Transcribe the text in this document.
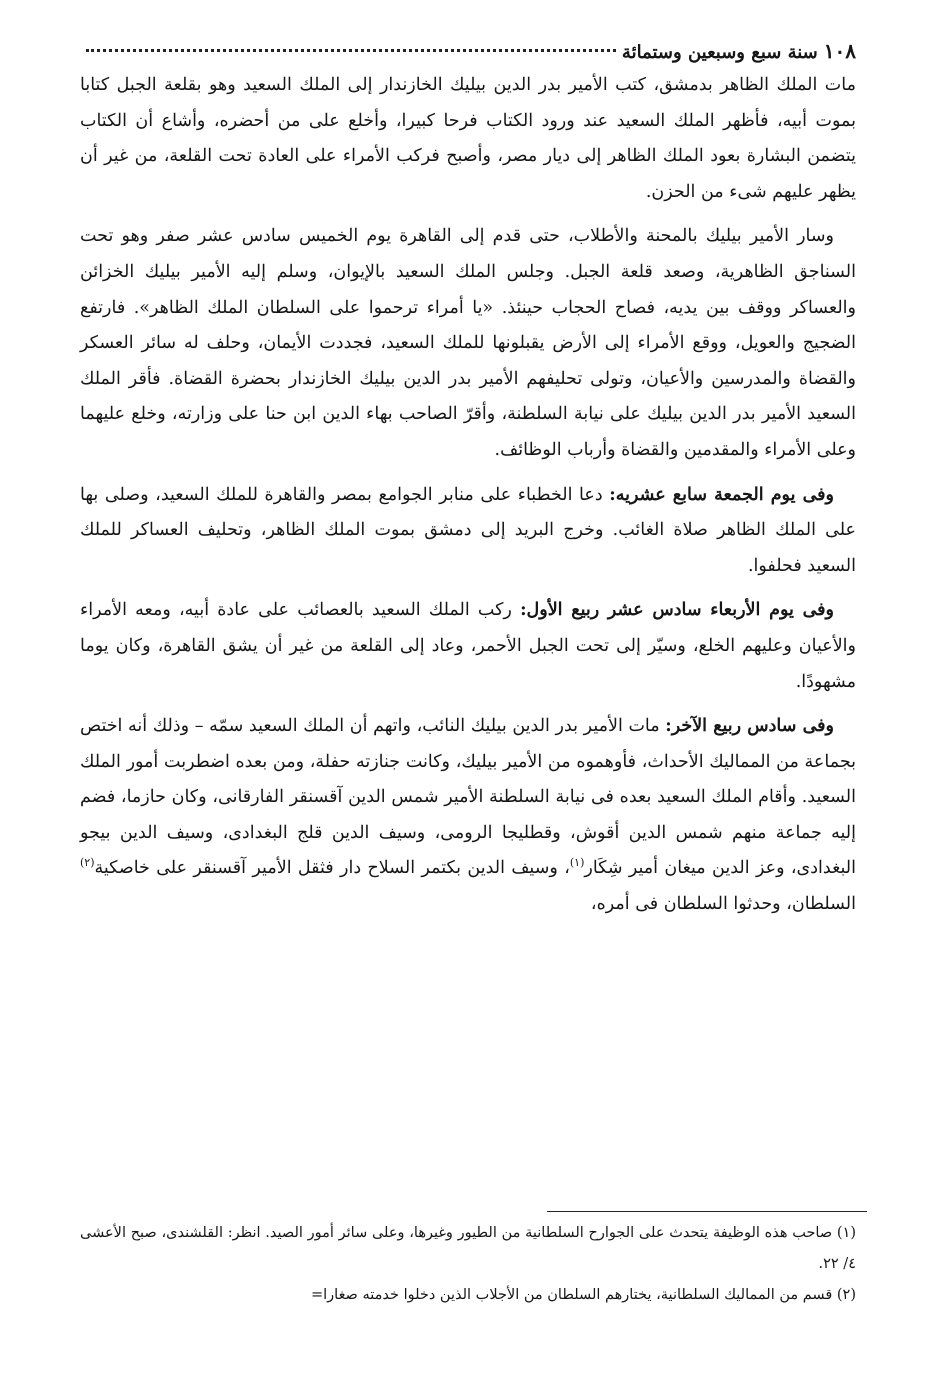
١٠٨
سنة سبع وسبعين وستمائة

مات الملك الظاهر بدمشق، كتب الأمير بدر الدين بيليك الخازندار إلى الملك السعيد وهو بقلعة الجبل كتابا بموت أبيه، فأظهر الملك السعيد عند ورود الكتاب فرحا كبيرا، وأخلع على من أحضره، وأشاع أن الكتاب يتضمن البشارة بعود الملك الظاهر إلى ديار مصر، وأصبح فركب الأمراء على العادة تحت القلعة، من غير أن يظهر عليهم شىء من الحزن.

وسار الأمير بيليك بالمحنة والأطلاب، حتى قدم إلى القاهرة يوم الخميس سادس عشر صفر وهو تحت السناجق الظاهرية، وصعد قلعة الجبل. وجلس الملك السعيد بالإيوان، وسلم إليه الأمير بيليك الخزائن والعساكر ووقف بين يديه، فصاح الحجاب حينئذ. «يا أمراء ترحموا على السلطان الملك الظاهر». فارتفع الضجيج والعويل، ووقع الأمراء إلى الأرض يقبلونها للملك السعيد، فجددت الأيمان، وحلف له سائر العسكر والقضاة والمدرسين والأعيان، وتولى تحليفهم الأمير بدر الدين بيليك الخازندار بحضرة القضاة. فأقر الملك السعيد الأمير بدر الدين بيليك على نيابة السلطنة، وأقرّ الصاحب بهاء الدين ابن حنا على وزارته، وخلع عليهما وعلى الأمراء والمقدمين والقضاة وأرباب الوظائف.

وفى يوم الجمعة سابع عشريه: دعا الخطباء على منابر الجوامع بمصر والقاهرة للملك السعيد، وصلى بها على الملك الظاهر صلاة الغائب. وخرج البريد إلى دمشق بموت الملك الظاهر، وتحليف العساكر للملك السعيد فحلفوا.

وفى يوم الأربعاء سادس عشر ربيع الأول: ركب الملك السعيد بالعصائب على عادة أبيه، ومعه الأمراء والأعيان وعليهم الخلع، وسيّر إلى تحت الجبل الأحمر، وعاد إلى القلعة من غير أن يشق القاهرة، وكان يوما مشهودًا.

وفى سادس ربيع الآخر: مات الأمير بدر الدين بيليك النائب، واتهم أن الملك السعيد سمّه – وذلك أنه اختص بجماعة من المماليك الأحداث، فأوهموه من الأمير بيليك، وكانت جنازته حفلة، ومن بعده اضطربت أمور الملك السعيد. وأقام الملك السعيد بعده فى نيابة السلطنة الأمير شمس الدين آقسنقر الفارقانى، وكان حازما، فضم إليه جماعة منهم شمس الدين أقوش، وقطليجا الرومى، وسيف الدين قلج البغدادى، وسيف الدين بيجو البغدادى، وعز الدين ميغان أمير شِكَار$^{(١)}$، وسيف الدين بكتمر السلاح دار فثقل الأمير آقسنقر على خاصكية$^{(٢)}$ السلطان، وحدثوا السلطان فى أمره،

(١) صاحب هذه الوظيفة يتحدث على الجوارح السلطانية من الطيور وغيرها، وعلى سائر أمور الصيد. انظر: القلشندى، صبح الأعشى ٤/ ٢٢.

(٢) قسم من المماليك السلطانية، يختارهم السلطان من الأجلاب الذين دخلوا خدمته صغارا=
